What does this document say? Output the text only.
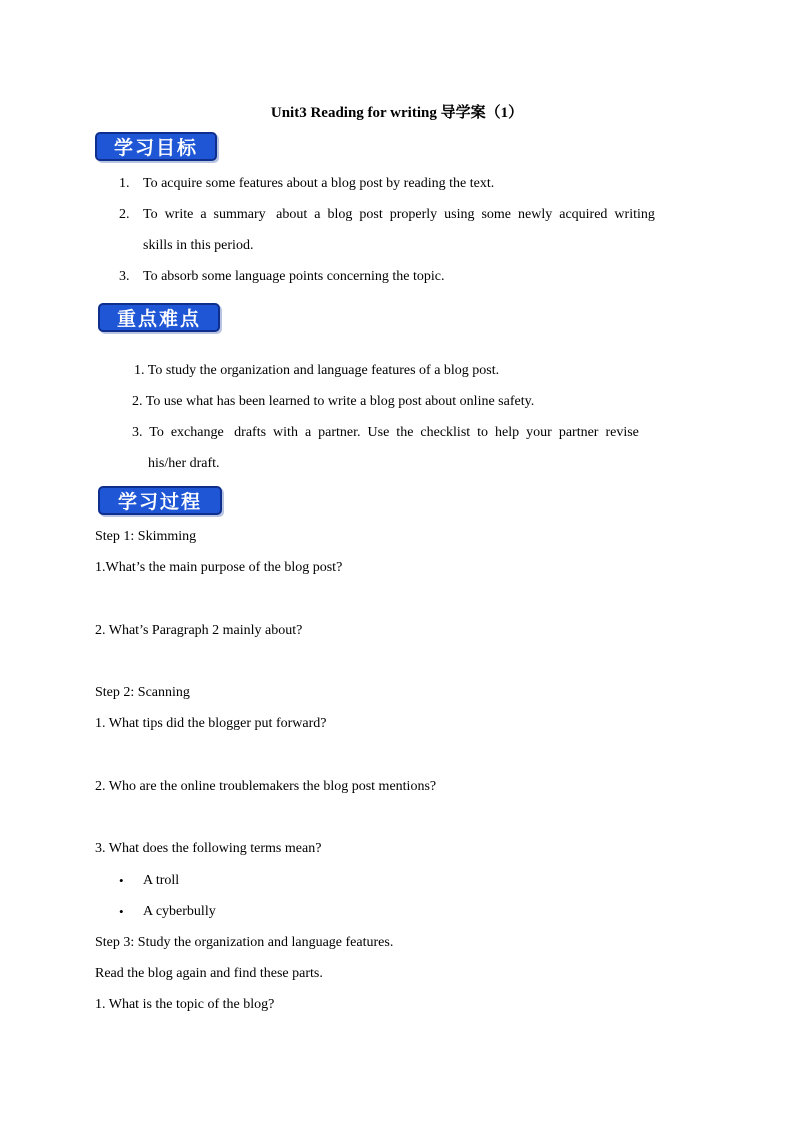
Unit3 Reading for writing 导学案（1）
学习目标
1. To acquire some features about a blog post by reading the text.
2. To  write  a  summary   about  a  blog  post  properly  using  some  newly  acquired  writing
skills in this period.
3. To absorb some language points concerning the topic.
重点难点
1. To study the organization and language features of a blog post.
2. To use what has been learned to write a blog post about online safety.
3.  To  exchange   drafts  with  a  partner.  Use  the  checklist  to  help  your  partner  revise
his/her draft.
学习过程
Step 1: Skimming
1.What’s the main purpose of the blog post?
2. What’s Paragraph 2 mainly about?
Step 2: Scanning
1. What tips did the blogger put forward?
2. Who are the online troublemakers the blog post mentions?
3. What does the following terms mean?
• A troll
• A cyberbully
Step 3: Study the organization and language features.
Read the blog again and find these parts.
1. What is the topic of the blog?
